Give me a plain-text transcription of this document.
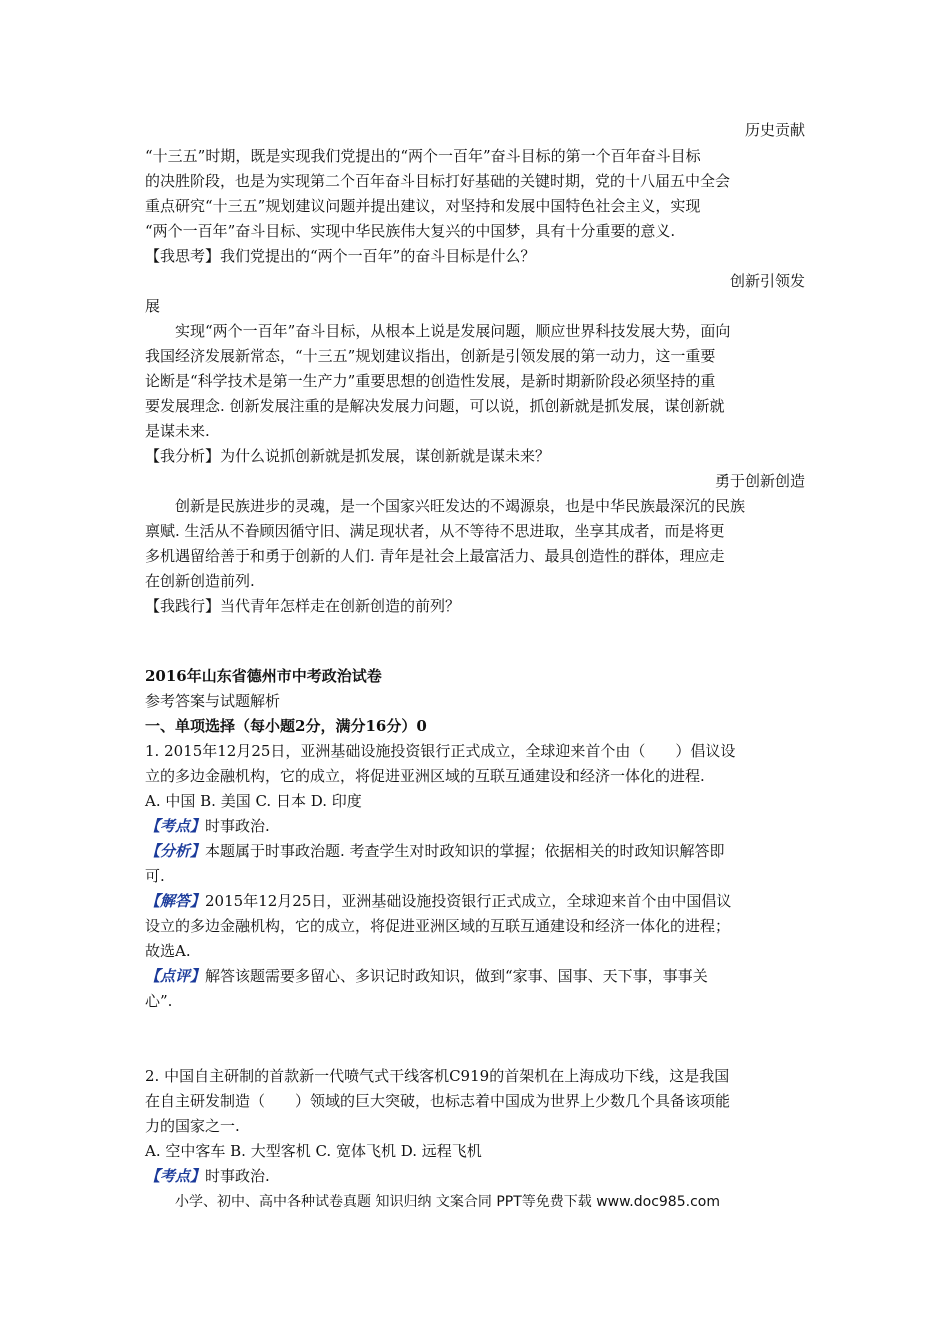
历史贡献
“十三五”时期，既是实现我们党提出的“两个一百年”奋斗目标的第一个百年奋斗目标
的决胜阶段，也是为实现第二个百年奋斗目标打好基础的关键时期，党的十八届五中全会
重点研究“十三五”规划建议问题并提出建议，对坚持和发展中国特色社会主义，实现
“两个一百年”奋斗目标、实现中华民族伟大复兴的中国梦，具有十分重要的意义.
【我思考】我们党提出的“两个一百年”的奋斗目标是什么？
创新引领发
展
实现“两个一百年”奋斗目标，从根本上说是发展问题，顺应世界科技发展大势，面向
我国经济发展新常态，“十三五”规划建议指出，创新是引领发展的第一动力，这一重要
论断是“科学技术是第一生产力”重要思想的创造性发展，是新时期新阶段必须坚持的重
要发展理念. 创新发展注重的是解决发展力问题，可以说，抓创新就是抓发展，谋创新就
是谋未来.
【我分析】为什么说抓创新就是抓发展，谋创新就是谋未来？
勇于创新创造
创新是民族进步的灵魂，是一个国家兴旺发达的不竭源泉，也是中华民族最深沉的民族
禀赋. 生活从不眷顾因循守旧、满足现状者，从不等待不思进取，坐享其成者，而是将更
多机遇留给善于和勇于创新的人们. 青年是社会上最富活力、最具创造性的群体，理应走
在创新创造前列.
【我践行】当代青年怎样走在创新创造的前列？
2016年山东省德州市中考政治试卷
参考答案与试题解析
一、单项选择（每小题2分，满分16分）0
1. 2015年12月25日，亚洲基础设施投资银行正式成立，全球迎来首个由（　　）倡议设
立的多边金融机构，它的成立，将促进亚洲区域的互联互通建设和经济一体化的进程.
A. 中国 B. 美国 C. 日本 D. 印度
【考点】时事政治.
【分析】本题属于时事政治题. 考查学生对时政知识的掌握；依据相关的时政知识解答即
可.
【解答】2015年12月25日，亚洲基础设施投资银行正式成立，全球迎来首个由中国倡议
设立的多边金融机构，它的成立，将促进亚洲区域的互联互通建设和经济一体化的进程；
故选A.
【点评】解答该题需要多留心、多识记时政知识，做到“家事、国事、天下事，事事关
心”.
2. 中国自主研制的首款新一代喷气式干线客机C919的首架机在上海成功下线，这是我国
在自主研发制造（　　）领域的巨大突破，也标志着中国成为世界上少数几个具备该项能
力的国家之一.
A. 空中客车 B. 大型客机 C. 宽体飞机 D. 远程飞机
【考点】时事政治.
小学、初中、高中各种试卷真题 知识归纳 文案合同 PPT等免费下载 www.doc985.com
